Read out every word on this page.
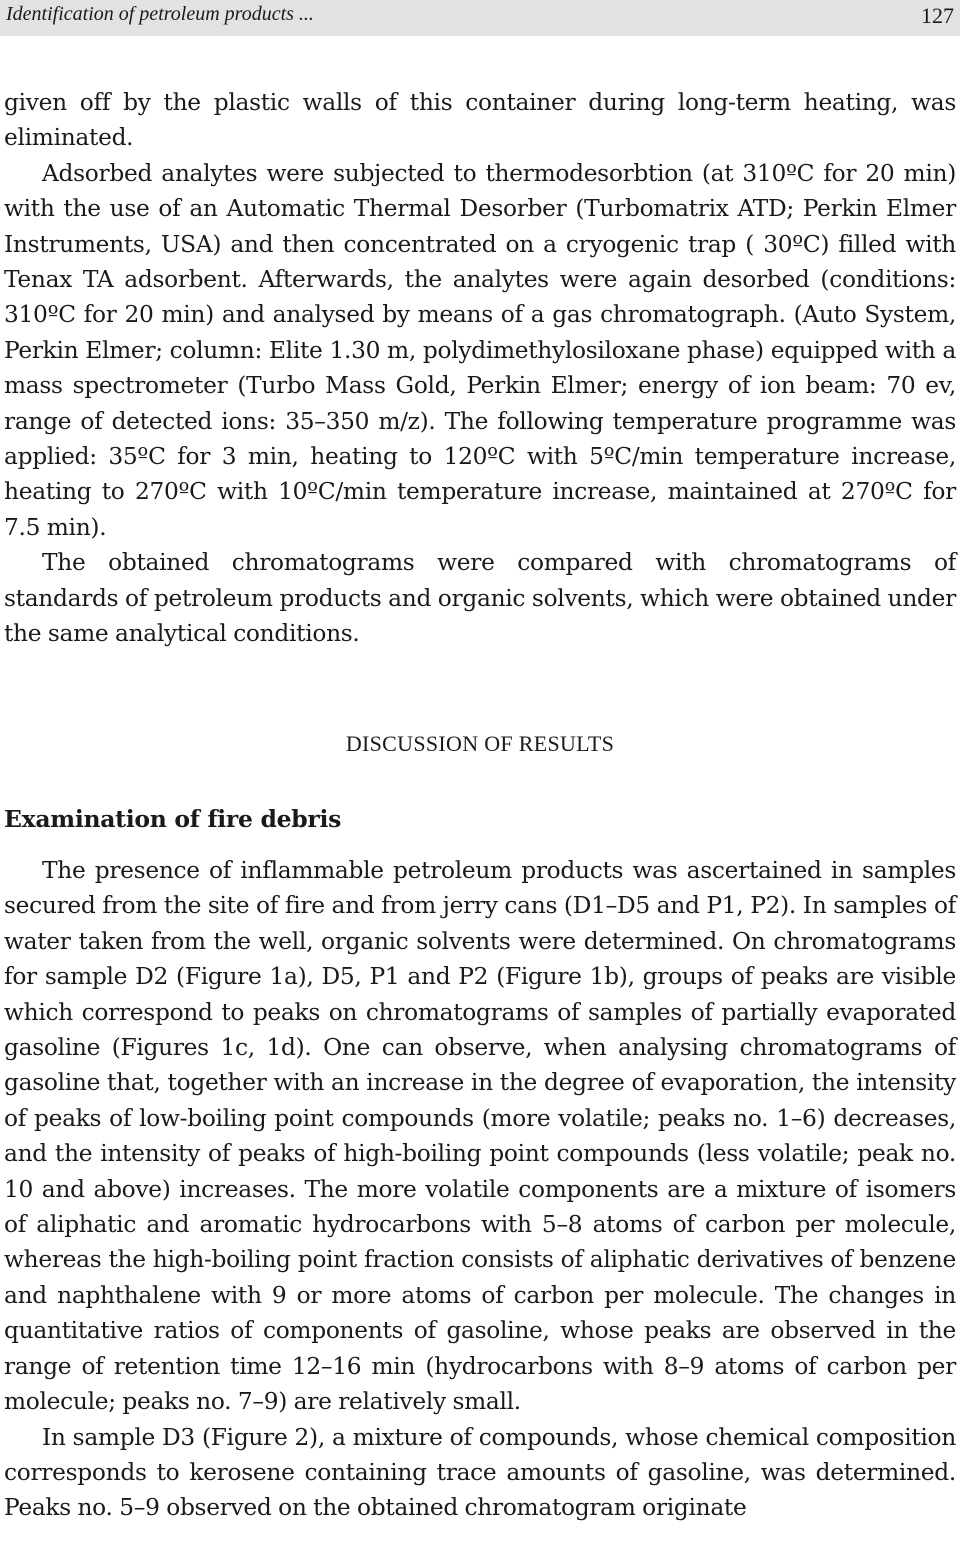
Identification of petroleum products ...	127

given off by the plastic walls of this container during long-term heating, was eliminated.

Adsorbed analytes were subjected to thermodesorbtion (at 310ºC for 20 min) with the use of an Automatic Thermal Desorber (Turbomatrix ATD; Perkin Elmer Instruments, USA) and then concentrated on a cryogenic trap ( 30ºC) filled with Tenax TA adsorbent. Afterwards, the analytes were again desorbed (conditions: 310ºC for 20 min) and analysed by means of a gas chromatograph. (Auto System, Perkin Elmer; column: Elite 1.30 m, polydimethylosiloxane phase) equipped with a mass spectrometer (Turbo Mass Gold, Perkin Elmer; energy of ion beam: 70 ev, range of detected ions: 35–350 m/z). The following temperature programme was applied: 35ºC for 3 min, heating to 120ºC with 5ºC/min temperature increase, heating to 270ºC with 10ºC/min temperature increase, maintained at 270ºC for 7.5 min).

The obtained chromatograms were compared with chromatograms of standards of petroleum products and organic solvents, which were obtained under the same analytical conditions.

DISCUSSION OF RESULTS
Examination of fire debris

The presence of inflammable petroleum products was ascertained in samples secured from the site of fire and from jerry cans (D1–D5 and P1, P2). In samples of water taken from the well, organic solvents were determined. On chromatograms for sample D2 (Figure 1a), D5, P1 and P2 (Figure 1b), groups of peaks are visible which correspond to peaks on chromatograms of samples of partially evaporated gasoline (Figures 1c, 1d). One can observe, when analysing chromatograms of gasoline that, together with an increase in the degree of evaporation, the intensity of peaks of low-boiling point compounds (more volatile; peaks no. 1–6) decreases, and the intensity of peaks of high-boiling point compounds (less volatile; peak no. 10 and above) increases. The more volatile components are a mixture of isomers of aliphatic and aromatic hydrocarbons with 5–8 atoms of carbon per molecule, whereas the high-boiling point fraction consists of aliphatic derivatives of benzene and naphthalene with 9 or more atoms of carbon per molecule. The changes in quantitative ratios of components of gasoline, whose peaks are observed in the range of retention time 12–16 min (hydrocarbons with 8–9 atoms of carbon per molecule; peaks no. 7–9) are relatively small.

In sample D3 (Figure 2), a mixture of compounds, whose chemical composition corresponds to kerosene containing trace amounts of gasoline, was determined. Peaks no. 5–9 observed on the obtained chromatogram originate
